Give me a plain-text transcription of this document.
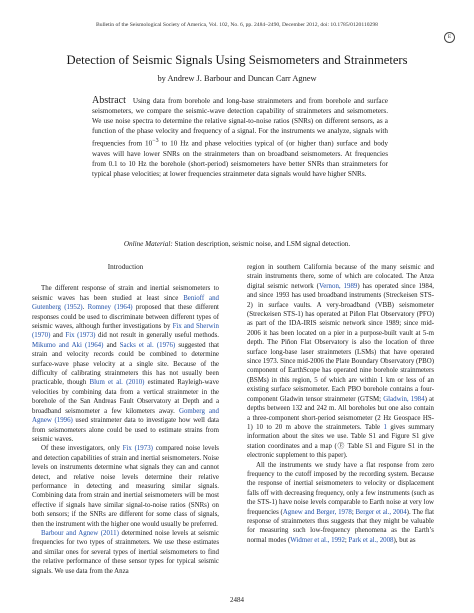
Bulletin of the Seismological Society of America, Vol. 102, No. 6, pp. 2484–2490, December 2012, doi: 10.1785/0120110298
E
Detection of Seismic Signals Using Seismometers and Strainmeters
by Andrew J. Barbour and Duncan Carr Agnew
Abstract Using data from borehole and long-base strainmeters and from borehole and surface seismometers, we compare the seismic-wave detection capability of strainmeters and seismometers. We use noise spectra to determine the relative signal-to-noise ratios (SNRs) on different sensors, as a function of the phase velocity and frequency of a signal. For the instruments we analyze, signals with frequencies from $10^{-3}$ to 10 Hz and phase velocities typical of (or higher than) surface and body waves will have lower SNRs on the strainmeters than on broadband seismometers. At frequencies from 0.1 to 10 Hz the borehole (short-period) seismometers have better SNRs than strainmeters for typical phase velocities; at lower frequencies strainmeter data signals would have higher SNRs.
Online Material: Station description, seismic noise, and LSM signal detection.
Introduction

The different response of strain and inertial seismometers to seismic waves has been studied at least since Benioff and Gutenberg (1952). Romney (1964) proposed that these different responses could be used to discriminate between different types of seismic waves, although further investigations by Fix and Sherwin (1970) and Fix (1973) did not result in generally useful methods. Mikumo and Aki (1964) and Sacks et al. (1976) suggested that strain and velocity records could be combined to determine surface-wave phase velocity at a single site. Because of the difficulty of calibrating strainmeters this has not usually been practicable, though Blum et al. (2010) estimated Rayleigh-wave velocities by combining data from a vertical strainmeter in the borehole of the San Andreas Fault Observatory at Depth and a broadband seismometer a few kilometers away. Gomberg and Agnew (1996) used strainmeter data to investigate how well data from seismometers alone could be used to estimate strains from seismic waves.

Of these investigators, only Fix (1973) compared noise levels and detection capabilities of strain and inertial seismometers. Noise levels on instruments determine what signals they can and cannot detect, and relative noise levels determine their relative performance in detecting and measuring similar signals. Combining data from strain and inertial seismometers will be most effective if signals have similar signal-to-noise ratios (SNRs) on both sensors; if the SNRs are different for some class of signals, then the instrument with the higher one would usually be preferred.

Barbour and Agnew (2011) determined noise levels at seismic frequencies for two types of strainmeters. We use these estimates and similar ones for several types of inertial seismometers to find the relative performance of these sensor types for typical seismic signals. We use data from the Anza

region in southern California because of the many seismic and strain instruments there, some of which are colocated. The Anza digital seismic network (Vernon, 1989) has operated since 1984, and since 1993 has used broadband instruments (Streckeisen STS-2) in surface vaults. A very-broadband (VBB) seismometer (Streckeisen STS-1) has operated at Piñon Flat Observatory (PFO) as part of the IDA-IRIS seismic network since 1989; since mid-2006 it has been located on a pier in a purpose-built vault at 5-m depth. The Piñon Flat Observatory is also the location of three surface long-base laser strainmeters (LSMs) that have operated since 1973. Since mid-2006 the Plate Boundary Observatory (PBO) component of EarthScope has operated nine borehole strainmeters (BSMs) in this region, 5 of which are within 1 km or less of an existing surface seismometer. Each PBO borehole contains a four-component Gladwin tensor strainmeter (GTSM; Gladwin, 1984) at depths between 132 and 242 m. All boreholes but one also contain a three-component short-period seismometer (2 Hz Geospace HS-1) 10 to 20 m above the strainmeters. Table 1 gives summary information about the sites we use. Table S1 and Figure S1 give station coordinates and a map (Ⓔ Table S1 and Figure S1 in the electronic supplement to this paper).

All the instruments we study have a flat response from zero frequency to the cutoff imposed by the recording system. Because the response of inertial seismometers to velocity or displacement falls off with decreasing frequency, only a few instruments (such as the STS-1) have noise levels comparable to Earth noise at very low frequencies (Agnew and Berger, 1978; Berger et al., 2004). The flat response of strainmeters thus suggests that they might be valuable for measuring such low-frequency phenomena as the Earth’s normal modes (Widmer et al., 1992; Park et al., 2008), but as

2484
